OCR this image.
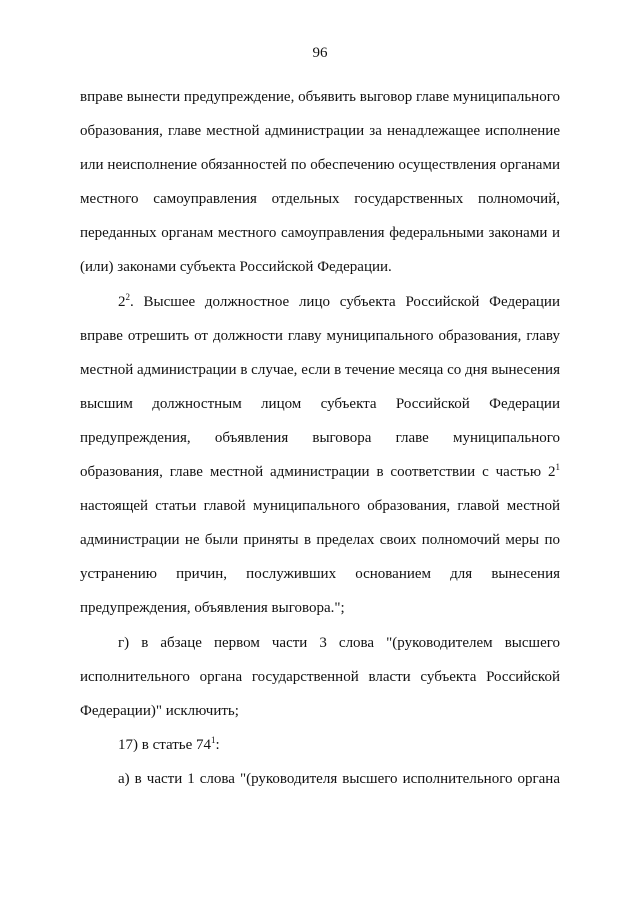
96

вправе вынести предупреждение, объявить выговор главе муниципального
образования, главе местной администрации за ненадлежащее исполнение
или неисполнение обязанностей по обеспечению осуществления органами
местного самоуправления отдельных государственных полномочий,
переданных органам местного самоуправления федеральными законами и
(или) законами субъекта Российской Федерации.

$2^2$. Высшее должностное лицо субъекта Российской Федерации
вправе отрешить от должности главу муниципального образования, главу
местной администрации в случае, если в течение месяца со дня вынесения
высшим должностным лицом субъекта Российской Федерации
предупреждения, объявления выговора главе муниципального
образования, главе местной администрации в соответствии с частью $2^1$
настоящей статьи главой муниципального образования, главой местной
администрации не были приняты в пределах своих полномочий меры по
устранению причин, послуживших основанием для вынесения
предупреждения, объявления выговора.";

г) в абзаце первом части 3 слова "(руководителем высшего
исполнительного органа государственной власти субъекта Российской
Федерации)" исключить;

17) в статье $74^1$:

а) в части 1 слова "(руководителя высшего исполнительного органа
